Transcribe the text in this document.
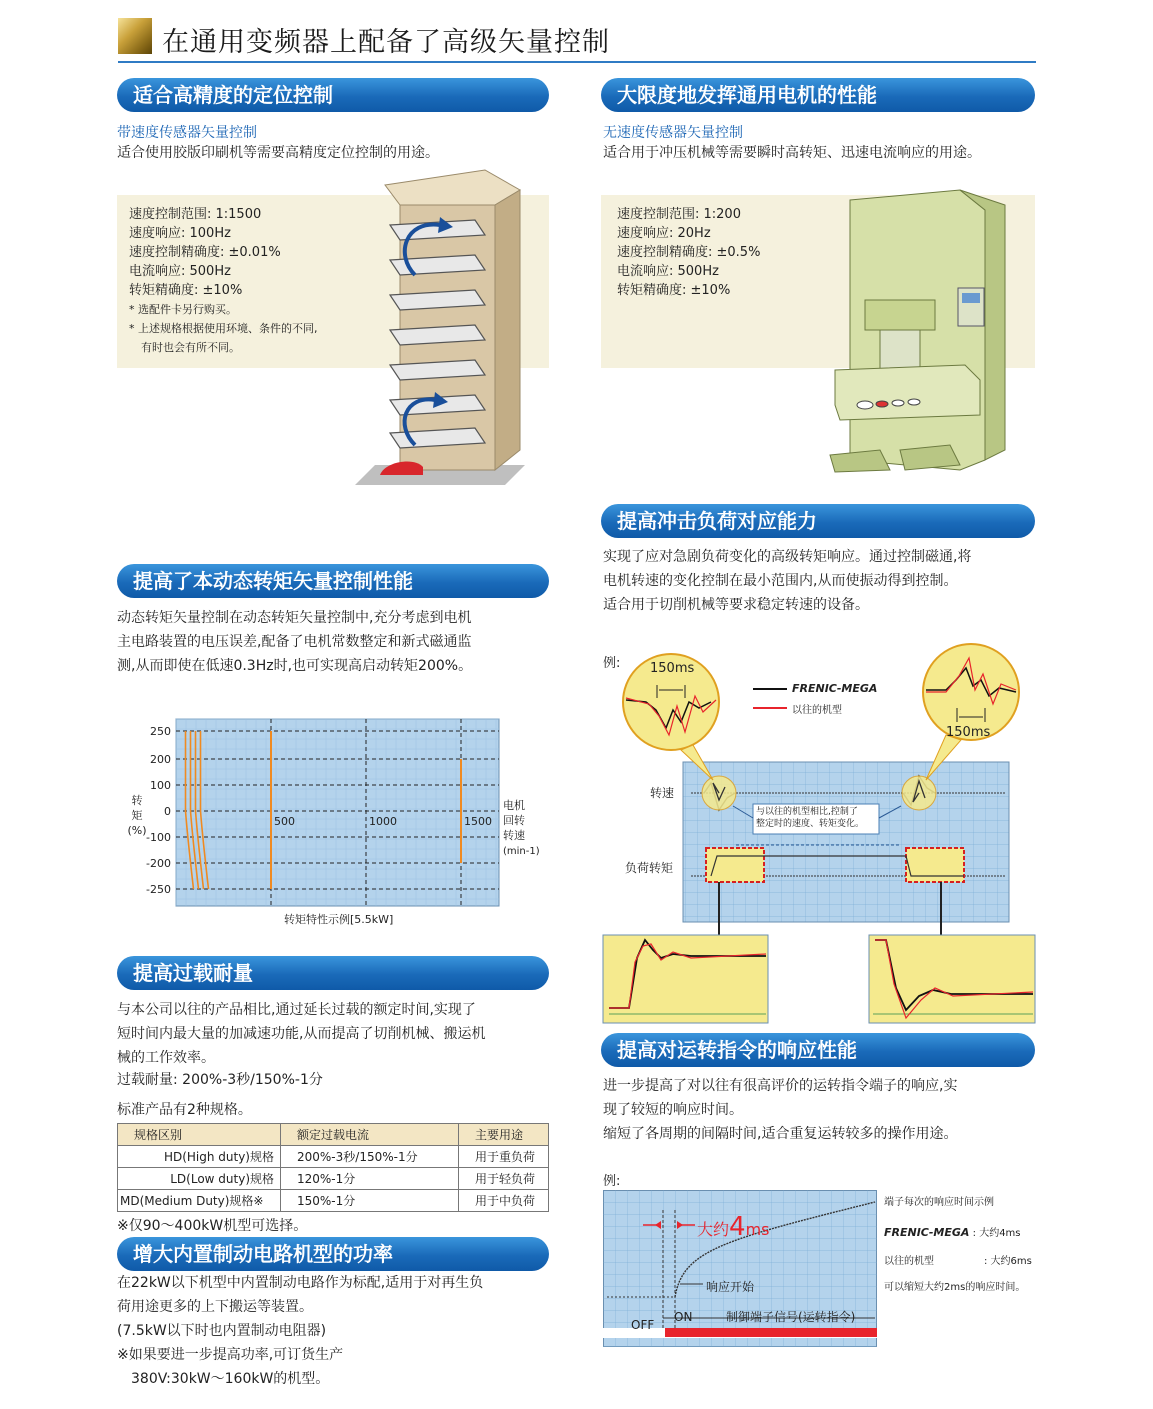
在通用变频器上配备了高级矢量控制
适合高精度的定位控制
带速度传感器矢量控制
适合使用胶版印刷机等需要高精度定位控制的用途。
速度控制范围: 1:1500
速度响应: 100Hz
速度控制精确度: ±0.01%
电流响应: 500Hz
转矩精确度: ±10%
* 选配件卡另行购买。
* 上述规格根据使用环境、条件的不同,
有时也会有所不同。
提高了本动态转矩矢量控制性能
动态转矩矢量控制在动态转矩矢量控制中,充分考虑到电机
主电路装置的电压误差,配备了电机常数整定和新式磁通监
测,从而即使在低速0.3Hz时,也可实现高启动转矩200%。
250
200
100
0
-100
-200
-250
500	1000	1500
转
矩
(%)
电机
回转
转速
(min-1)
转矩特性示例[5.5kW]
提高过载耐量
与本公司以往的产品相比,通过延长过载的额定时间,实现了
短时间内最大量的加减速功能,从而提高了切削机械、搬运机
械的工作效率。
过载耐量: 200%-3秒/150%-1分
标准产品有2种规格。
规格区别	额定过载电流	主要用途
HD(High duty)规格	200%-3秒/150%-1分	用于重负荷
LD(Low duty)规格	120%-1分	用于轻负荷
MD(Medium Duty)规格※	150%-1分	用于中负荷
※仅90～400kW机型可选择。
增大内置制动电路机型的功率
在22kW以下机型中内置制动电路作为标配,适用于对再生负
荷用途更多的上下搬运等装置。
(7.5kW以下时也内置制动电阻器)
※如果要进一步提高功率,可订货生产
380V:30kW～160kW的机型。
大限度地发挥通用电机的性能
无速度传感器矢量控制
适合用于冲压机械等需要瞬时高转矩、迅速电流响应的用途。
速度控制范围: 1:200
速度响应: 20Hz
速度控制精确度: ±0.5%
电流响应: 500Hz
转矩精确度: ±10%
提高冲击负荷对应能力
实现了应对急剧负荷变化的高级转矩响应。通过控制磁通,将
电机转速的变化控制在最小范围内,从而使振动得到控制。
适合用于切削机械等要求稳定转速的设备。
例: 150ms
150ms
FRENIC-MEGA
以往的机型
转速
负荷转矩
与以往的机型相比,控制了
整定时的速度、转矩变化。
提高对运转指令的响应性能
进一步提高了对以往有很高评价的运转指令端子的响应,实
现了较短的响应时间。
缩短了各周期的间隔时间,适合重复运转较多的操作用途。
例:
大约4ms
响应开始
ON
OFF
制御端子信号(运转指令)
端子每次的响应时间示例
FRENIC-MEGA : 大约4ms
以往的机型	: 大约6ms
可以缩短大约2ms的响应时间。
